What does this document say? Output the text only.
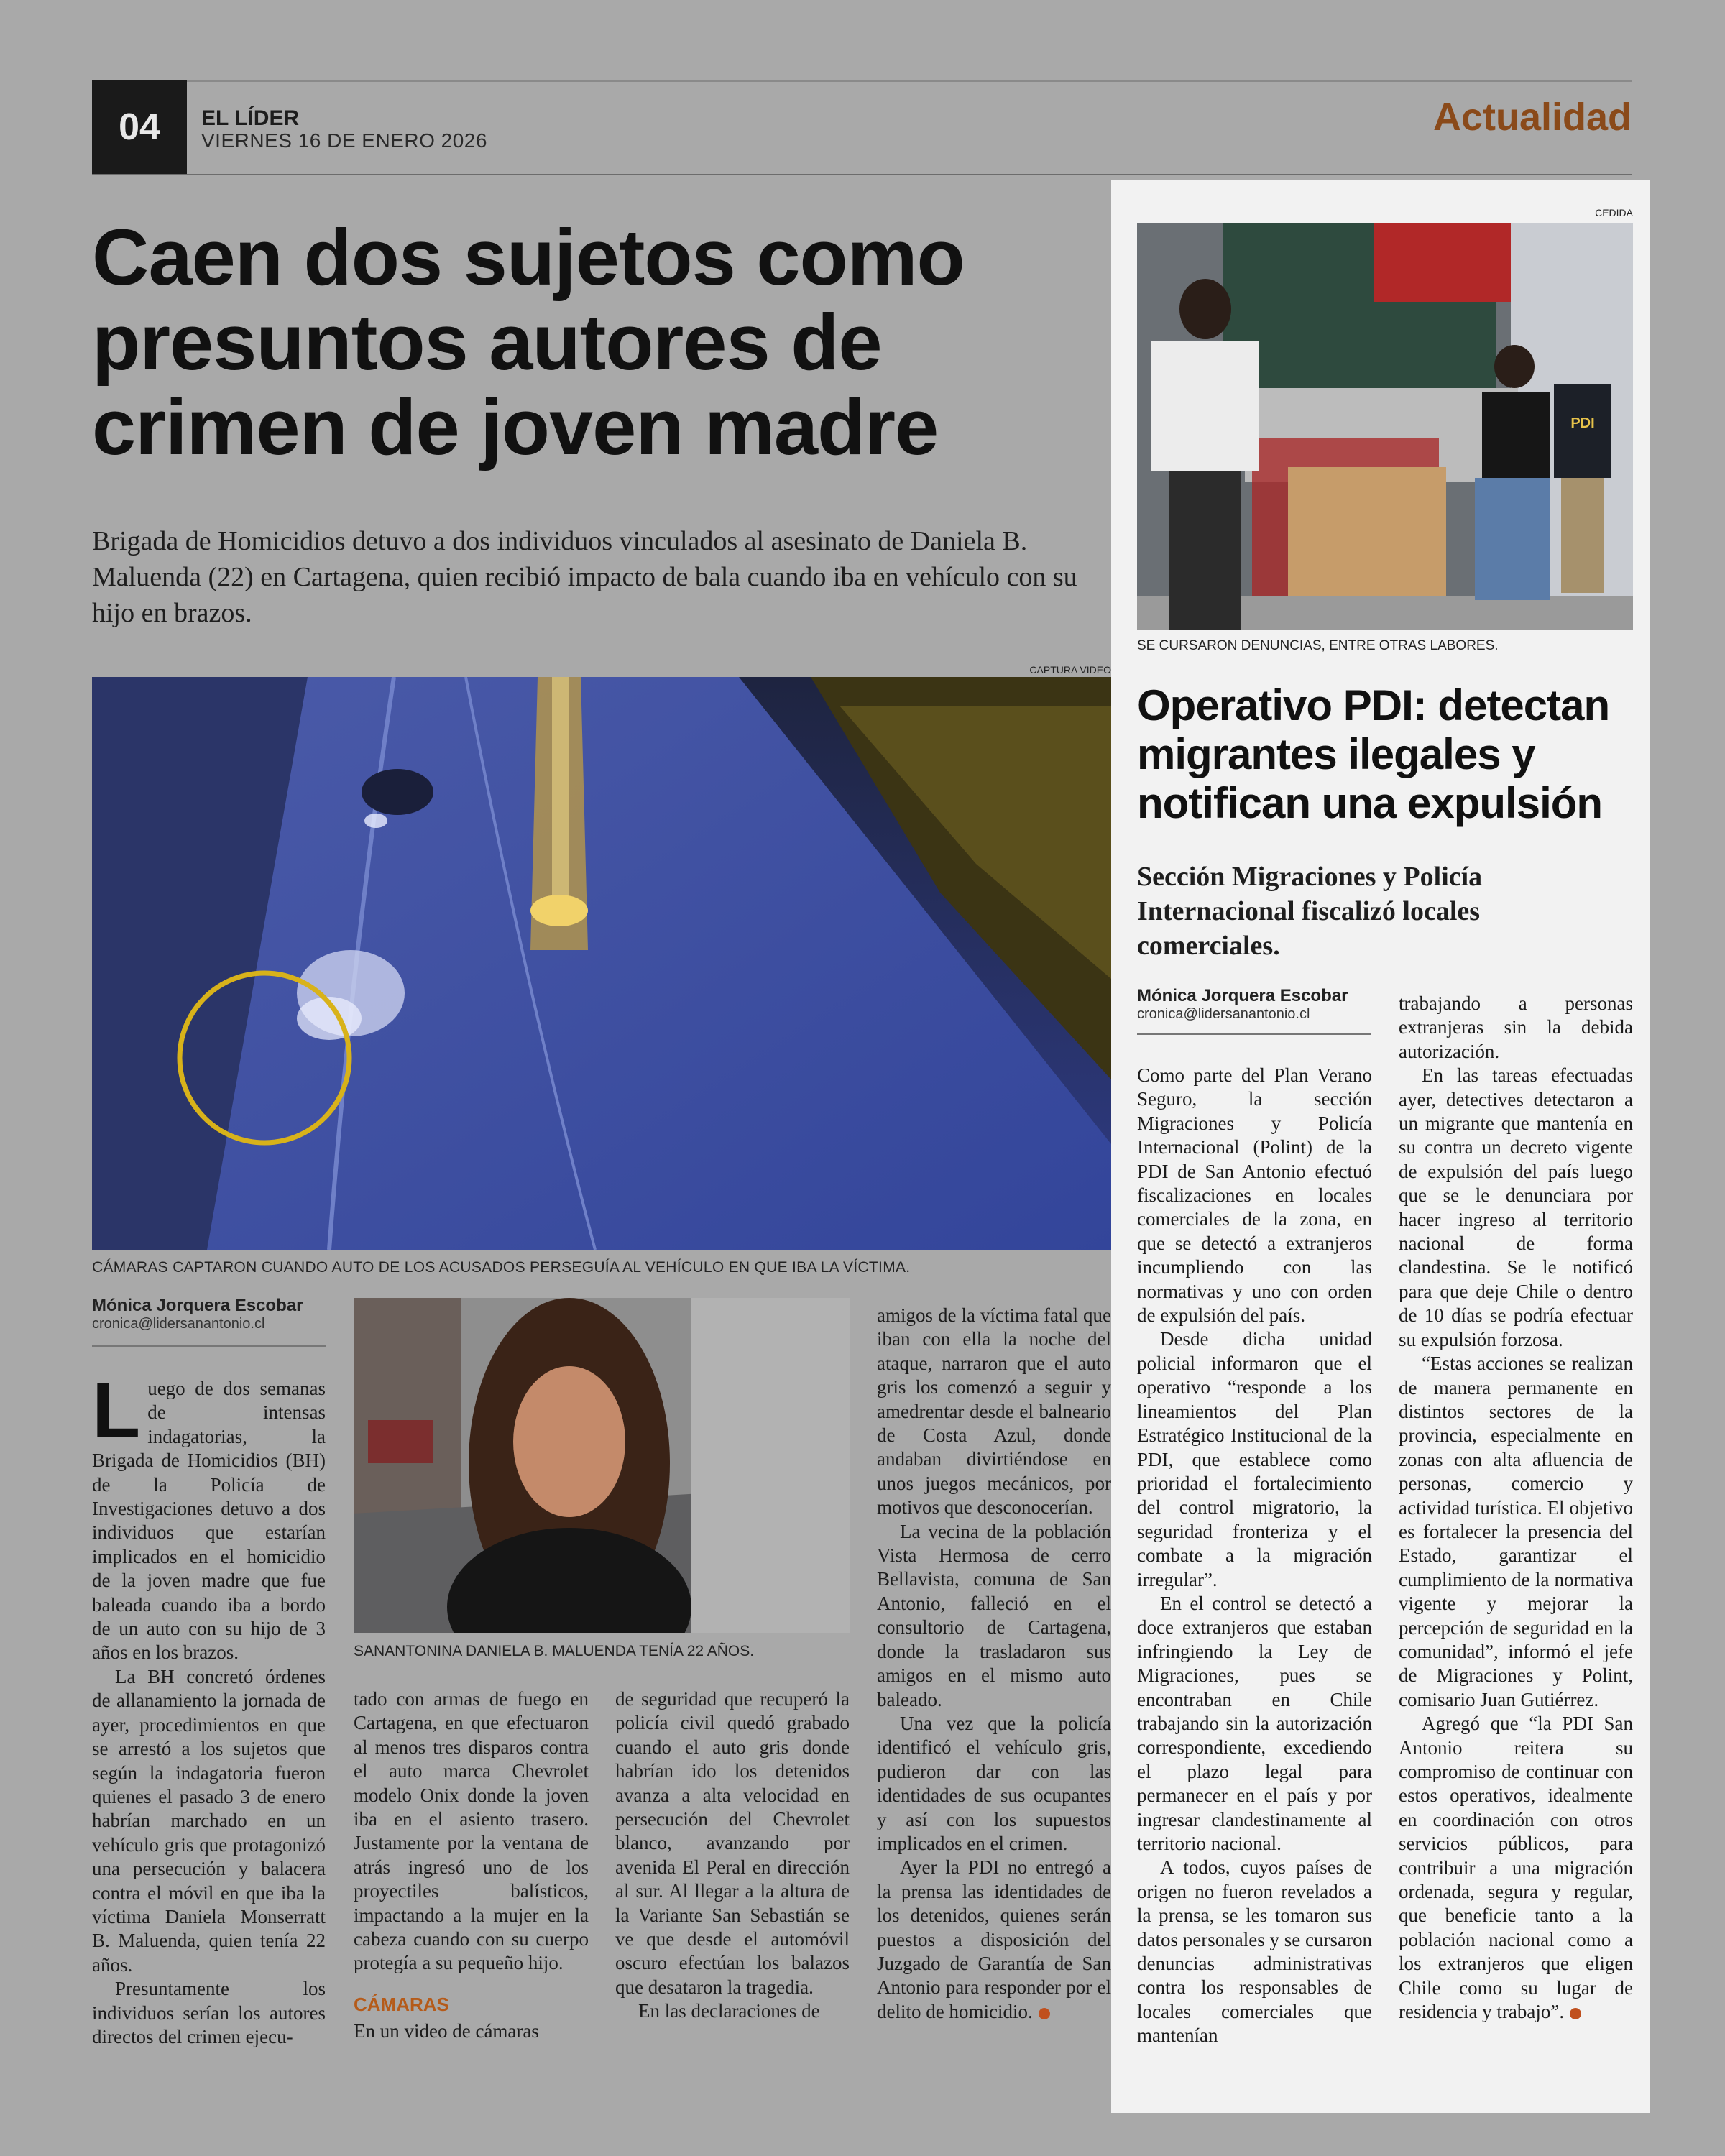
04	EL LÍDER
VIERNES 16 DE ENERO 2026
Actualidad
Caen dos sujetos como presuntos autores de crimen de joven madre
Brigada de Homicidios detuvo a dos individuos vinculados al asesinato de Daniela B. Maluenda (22) en Cartagena, quien recibió impacto de bala cuando iba en vehículo con su hijo en brazos.
CAPTURA VIDEO
CÁMARAS CAPTARON CUANDO AUTO DE LOS ACUSADOS PERSEGUÍA AL VEHÍCULO EN QUE IBA LA VÍCTIMA.
Mónica Jorquera Escobar
cronica@lidersanantonio.cl
L uego de dos semanas de intensas indagatorias, la Brigada de Homicidios (BH) de la Policía de Investigaciones detuvo a dos individuos que estarían implicados en el homicidio de la joven madre que fue baleada cuando iba a bordo de un auto con su hijo de 3 años en los brazos.

La BH concretó órdenes de allanamiento la jornada de ayer, procedimientos en que se arrestó a los sujetos que según la indagatoria fueron quienes el pasado 3 de enero habrían marchado en un vehículo gris que protagonizó una persecución y balacera contra el móvil en que iba la víctima Daniela Monserratt B. Maluenda, quien tenía 22 años.

Presuntamente los individuos serían los autores directos del crimen ejecu-

SANANTONINA DANIELA B. MALUENDA TENÍA 22 AÑOS.

tado con armas de fuego en Cartagena, en que efectuaron al menos tres disparos contra el auto marca Chevrolet modelo Onix donde la joven iba en el asiento trasero. Justamente por la ventana de atrás ingresó uno de los proyectiles balísticos, impactando a la mujer en la cabeza cuando con su cuerpo protegía a su pequeño hijo.

CÁMARAS

En un video de cámaras

de seguridad que recuperó la policía civil quedó grabado cuando el auto gris donde habrían ido los detenidos avanza a alta velocidad en persecución del Chevrolet blanco, avanzando por avenida El Peral en dirección al sur. Al llegar a la altura de la Variante San Sebastián se ve que desde el automóvil oscuro efectúan los balazos que desataron la tragedia.

En las declaraciones de

amigos de la víctima fatal que iban con ella la noche del ataque, narraron que el auto gris los comenzó a seguir y amedrentar desde el balneario de Costa Azul, donde andaban divirtiéndose en unos juegos mecánicos, por motivos que desconocerían.

La vecina de la población Vista Hermosa de cerro Bellavista, comuna de San Antonio, falleció en el consultorio de Cartagena, donde la trasladaron sus amigos en el mismo auto baleado.

Una vez que la policía identificó el vehículo gris, pudieron dar con las identidades de sus ocupantes y así con los supuestos implicados en el crimen.

Ayer la PDI no entregó a la prensa las identidades de los detenidos, quienes serán puestos a disposición del Juzgado de Garantía de San Antonio para responder por el delito de homicidio.

CEDIDA
PDI
SE CURSARON DENUNCIAS, ENTRE OTRAS LABORES.
Operativo PDI: detectan migrantes ilegales y notifican una expulsión
Sección Migraciones y Policía Internacional fiscalizó locales comerciales.
Mónica Jorquera Escobar
cronica@lidersanantonio.cl

Como parte del Plan Verano Seguro, la sección Migraciones y Policía Internacional (Polint) de la PDI de San Antonio efectuó fiscalizaciones en locales comerciales de la zona, en que se detectó a extranjeros incumpliendo con las normativas y uno con orden de expulsión del país.

Desde dicha unidad policial informaron que el operativo “responde a los lineamientos del Plan Estratégico Institucional de la PDI, que establece como prioridad el fortalecimiento del control migratorio, la seguridad fronteriza y el combate a la migración irregular”.

En el control se detectó a doce extranjeros que estaban infringiendo la Ley de Migraciones, pues se encontraban en Chile trabajando sin la autorización correspondiente, excediendo el plazo legal para permanecer en el país y por ingresar clandestinamente al territorio nacional.

A todos, cuyos países de origen no fueron revelados a la prensa, se les tomaron sus datos personales y se cursaron denuncias administrativas contra los responsables de locales comerciales que mantenían

trabajando a personas extranjeras sin la debida autorización.

En las tareas efectuadas ayer, detectives detectaron a un migrante que mantenía en su contra un decreto vigente de expulsión del país luego que se le denunciara por hacer ingreso al territorio nacional de forma clandestina. Se le notificó para que deje Chile o dentro de 10 días se podría efectuar su expulsión forzosa.

“Estas acciones se realizan de manera permanente en distintos sectores de la provincia, especialmente en zonas con alta afluencia de personas, comercio y actividad turística. El objetivo es fortalecer la presencia del Estado, garantizar el cumplimiento de la normativa vigente y mejorar la percepción de seguridad en la comunidad”, informó el jefe de Migraciones y Polint, comisario Juan Gutiérrez.

Agregó que “la PDI San Antonio reitera su compromiso de continuar con estos operativos, idealmente en coordinación con otros servicios públicos, para contribuir a una migración ordenada, segura y regular, que beneficie tanto a la población nacional como a los extranjeros que eligen Chile como su lugar de residencia y trabajo”.
